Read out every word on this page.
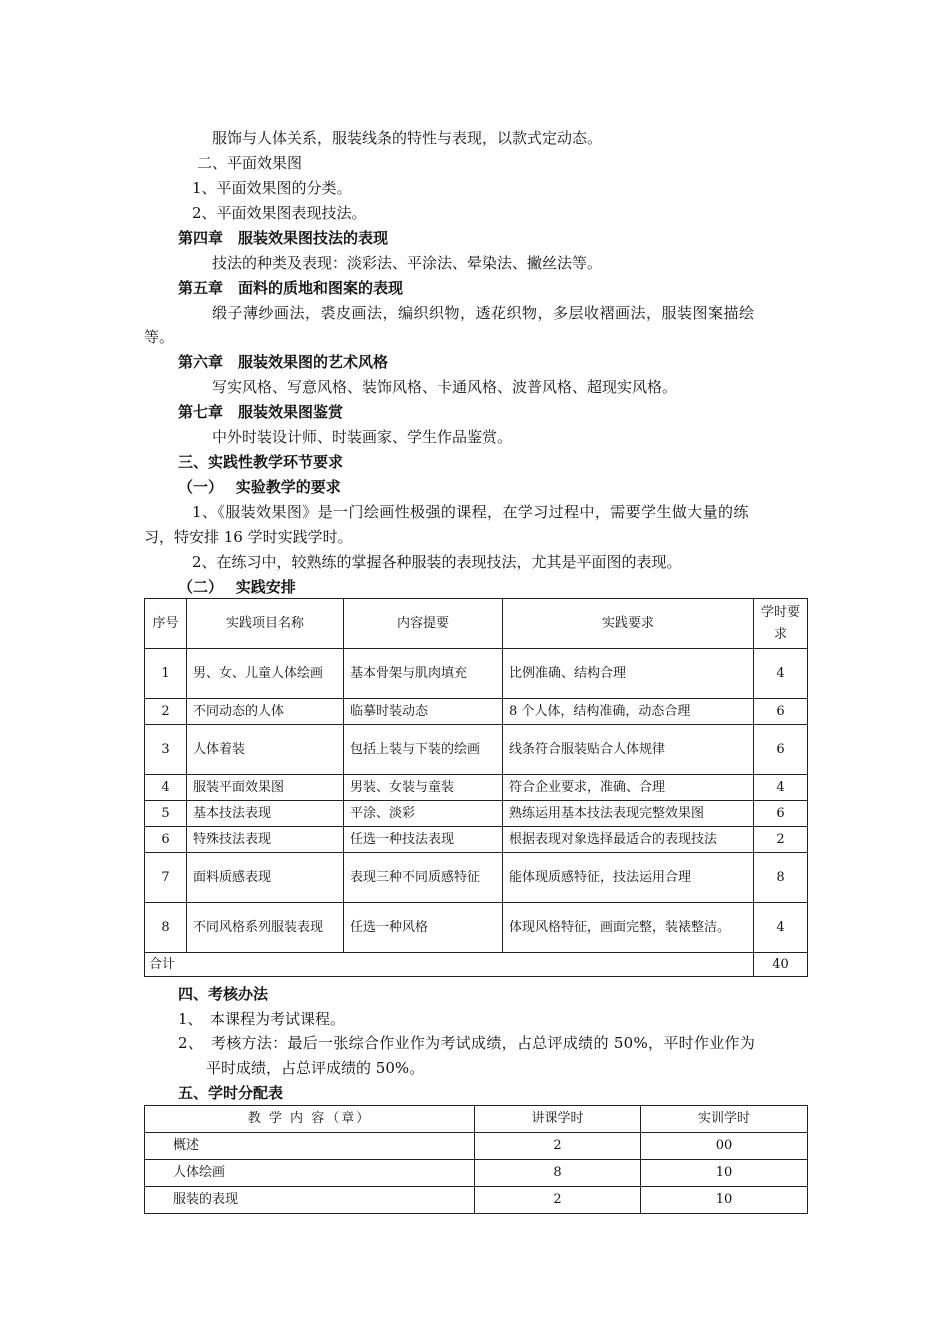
服饰与人体关系，服装线条的特性与表现，以款式定动态。
二、平面效果图
1、平面效果图的分类。
2、平面效果图表现技法。
第四章　服装效果图技法的表现
技法的种类及表现：淡彩法、平涂法、晕染法、撇丝法等。
第五章　面料的质地和图案的表现
缎子薄纱画法，裘皮画法，编织织物，透花织物，多层收褶画法，服装图案描绘
等。
第六章　服装效果图的艺术风格
写实风格、写意风格、装饰风格、卡通风格、波普风格、超现实风格。
第七章　服装效果图鉴赏
中外时装设计师、时装画家、学生作品鉴赏。
三、实践性教学环节要求
（一）　 实验教学的要求
1、《服装效果图》是一门绘画性极强的课程，在学习过程中，需要学生做大量的练
习，特安排 16 学时实践学时。
2、在练习中，较熟练的掌握各种服装的表现技法，尤其是平面图的表现。
（二）　 实践安排
序号	实践项目名称	内容提要	实践要求	学时要求
1	男、女、儿童人体绘画	基本骨架与肌肉填充	比例准确、结构合理	4
2	不同动态的人体	临摹时装动态	8 个人体，结构准确，动态合理	6
3	人体着装	包括上装与下装的绘画	线条符合服装贴合人体规律	6
4	服装平面效果图	男装、女装与童装	符合企业要求，准确、合理	4
5	基本技法表现	平涂、淡彩	熟练运用基本技法表现完整效果图	6
6	特殊技法表现	任选一种技法表现	根据表现对象选择最适合的表现技法	2
7	面料质感表现	表现三种不同质感特征	能体现质感特征，技法运用合理	8
8	不同风格系列服装表现	任选一种风格	体现风格特征，画面完整，装裱整洁。	4
合计				40
四、考核办法
1、　本课程为考试课程。
2、　考核方法：最后一张综合作业作为考试成绩，占总评成绩的 50%，平时作业作为
平时成绩，占总评成绩的 50%。
五、学时分配表
教 学 内 容（章）	讲课学时	实训学时
概述	2	00
人体绘画	8	10
服装的表现	2	10
